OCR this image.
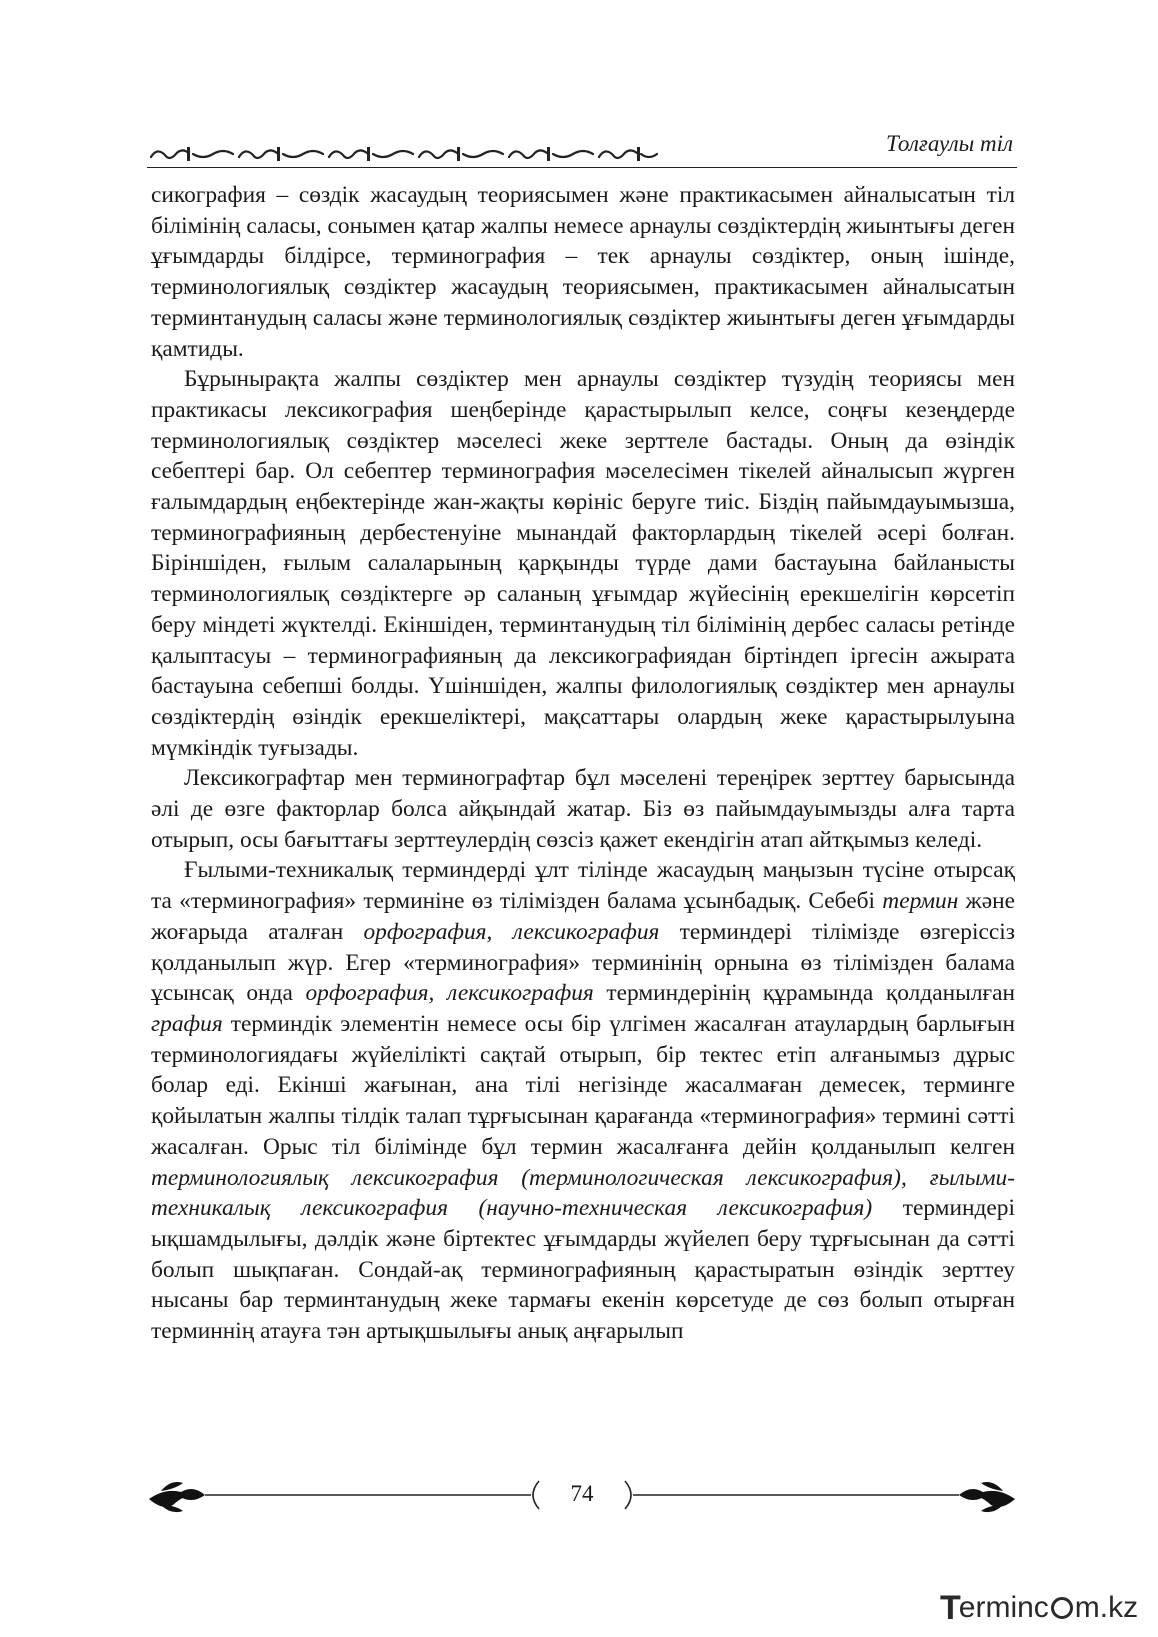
Толғаулы тіл

сикография – сөздік жасаудың теориясымен және практикасымен айналысатын тіл білімінің саласы, сонымен қатар жалпы немесе арнаулы сөздіктердің жиынтығы деген ұғымдарды білдірсе, терминография – тек арнаулы сөздіктер, оның ішінде, терминологиялық сөздіктер жасаудың теориясымен, практикасымен айналысатын терминтанудың саласы және терминологиялық сөздіктер жиынтығы деген ұғымдарды қамтиды.

Бұрынырақта жалпы сөздіктер мен арнаулы сөздіктер түзудің теориясы мен практикасы лексикография шеңберінде қарастырылып келсе, соңғы кезеңдерде терминологиялық сөздіктер мәселесі жеке зерттеле бастады. Оның да өзіндік себептері бар. Ол себептер терминография мәселесімен тікелей айналысып жүрген ғалымдардың еңбектерінде жан-жақты көрініс беруге тиіс. Біздің пайымдауымызша, терминографияның дербестенуіне мынандай факторлардың тікелей әсері болған. Біріншіден, ғылым салаларының қарқынды түрде дами бастауына байланысты терминологиялық сөздіктерге әр саланың ұғымдар жүйесінің ерекшелігін көрсетіп беру міндеті жүктелді. Екіншіден, терминтанудың тіл білімінің дербес саласы ретінде қалыптасуы – терминографияның да лексикографиядан біртіндеп іргесін ажырата бастауына себепші болды. Үшіншіден, жалпы филологиялық сөздіктер мен арнаулы сөздіктердің өзіндік ерекшеліктері, мақсаттары олардың жеке қарастырылуына мүмкіндік туғызады.

Лексикографтар мен терминографтар бұл мәселені тереңірек зерттеу барысында әлі де өзге факторлар болса айқындай жатар. Біз өз пайымдауымызды алға тарта отырып, осы бағыттағы зерттеулердің сөзсіз қажет екендігін атап айтқымыз келеді.

Ғылыми-техникалық терминдерді ұлт тілінде жасаудың маңызын түсіне отырсақ та «терминография» терминіне өз тілімізден балама ұсынбадық. Себебі термин және жоғарыда аталған орфография, лексикография терминдері тілімізде өзгеріссіз қолданылып жүр. Егер «терминография» терминінің орнына өз тілімізден балама ұсынсақ онда орфография, лексикография терминдерінің құрамында қолданылған графия терминдік элементін немесе осы бір үлгімен жасалған атаулардың барлығын терминологиядағы жүйелілікті сақтай отырып, бір тектес етіп алғанымыз дұрыс болар еді. Екінші жағынан, ана тілі негізінде жасалмаған демесек, терминге қойылатын жалпы тілдік талап тұрғысынан қарағанда «терминография» термині сәтті жасалған. Орыс тіл білімінде бұл термин жасалғанға дейін қолданылып келген терминологиялық лексикография (терминологическая лексикография), ғылыми-техникалық лексикография (научно-техническая лексикография) терминдері ықшамдылығы, дәлдік және біртектес ұғымдарды жүйелеп беру тұрғысынан да сәтті болып шықпаған. Сондай-ақ терминографияның қарастыратын өзіндік зерттеу нысаны бар терминтанудың жеке тармағы екенін көрсетуде де сөз болып отырған терминнің атауға тән артықшылығы анық аңғарылып

74
T
erminc m.kz
